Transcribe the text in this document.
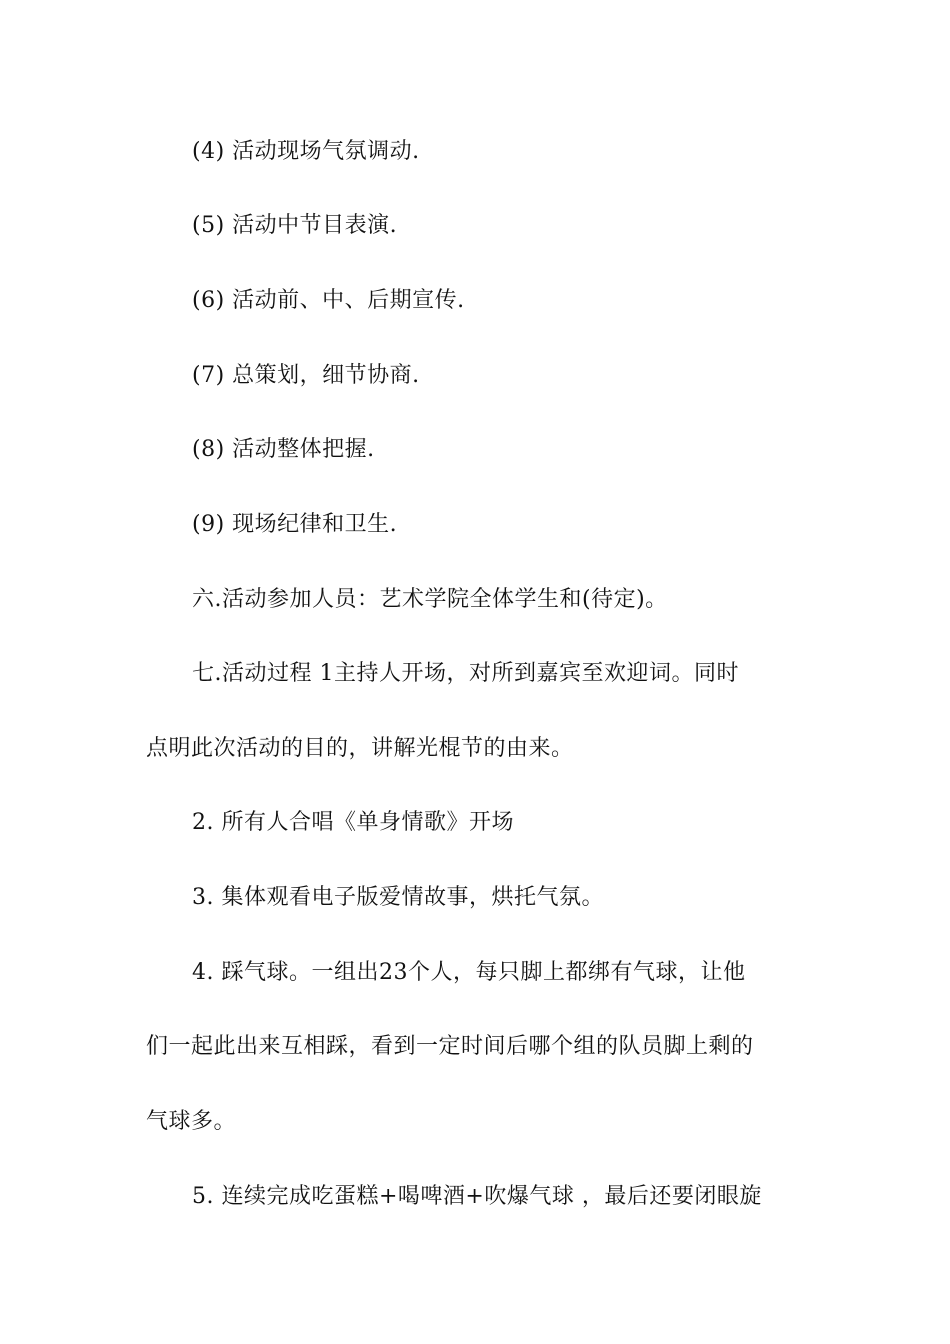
(4) 活动现场气氛调动.
(5) 活动中节目表演.
(6) 活动前、中、后期宣传.
(7) 总策划，细节协商.
(8) 活动整体把握.
(9) 现场纪律和卫生.
六.活动参加人员：艺术学院全体学生和(待定)。
七.活动过程 1主持人开场，对所到嘉宾至欢迎词。同时
点明此次活动的目的，讲解光棍节的由来。
2. 所有人合唱《单身情歌》开场
3. 集体观看电子版爱情故事，烘托气氛。
4. 踩气球。一组出23个人，每只脚上都绑有气球，让他
们一起此出来互相踩，看到一定时间后哪个组的队员脚上剩的
气球多。
5. 连续完成吃蛋糕+喝啤酒+吹爆气球 ，最后还要闭眼旋
